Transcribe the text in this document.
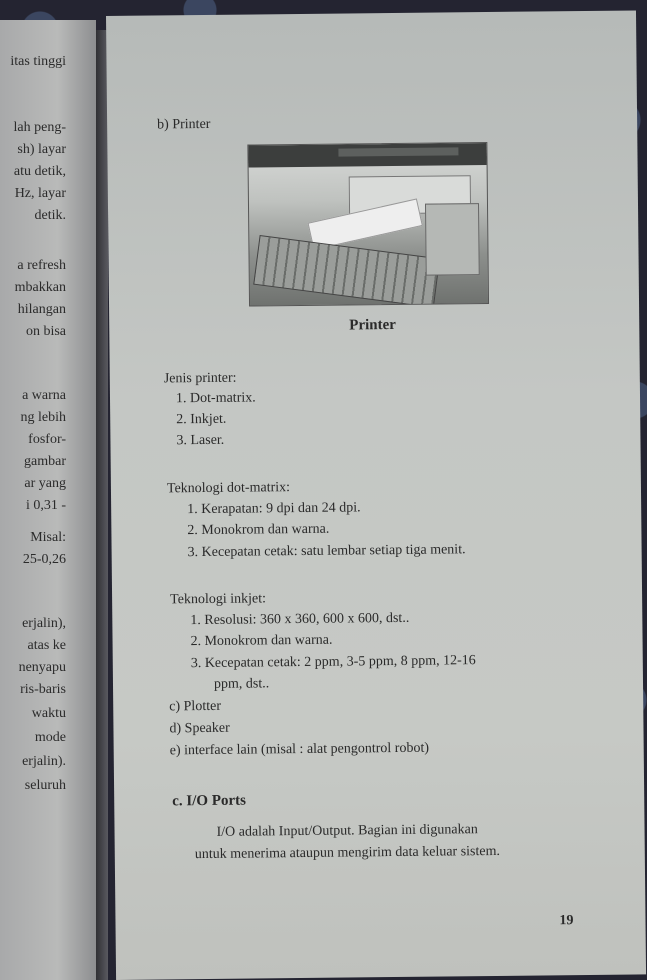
itas tinggi
lah peng-
sh) layar
atu detik,
Hz, layar
detik.
a refresh
mbakkan
hilangan
on bisa
a warna
ng lebih
fosfor-
gambar
ar yang
i 0,31 -
Misal:
25-0,26
erjalin),
atas ke
nenyapu
ris-baris
waktu
mode
erjalin).
seluruh
b) Printer
Printer
Jenis printer:
1. Dot-matrix.
2. Inkjet.
3. Laser.
Teknologi dot-matrix:
1. Kerapatan: 9 dpi dan 24 dpi.
2. Monokrom dan warna.
3. Kecepatan cetak: satu lembar setiap tiga menit.
Teknologi inkjet:
1. Resolusi: 360 x 360, 600 x 600, dst..
2. Monokrom dan warna.
3. Kecepatan cetak: 2 ppm, 3-5 ppm, 8 ppm, 12-16
ppm, dst..
c) Plotter
d) Speaker
e) interface lain (misal : alat pengontrol robot)
c. I/O Ports
I/O adalah Input/Output. Bagian ini digunakan
untuk menerima ataupun mengirim data keluar sistem.
19
